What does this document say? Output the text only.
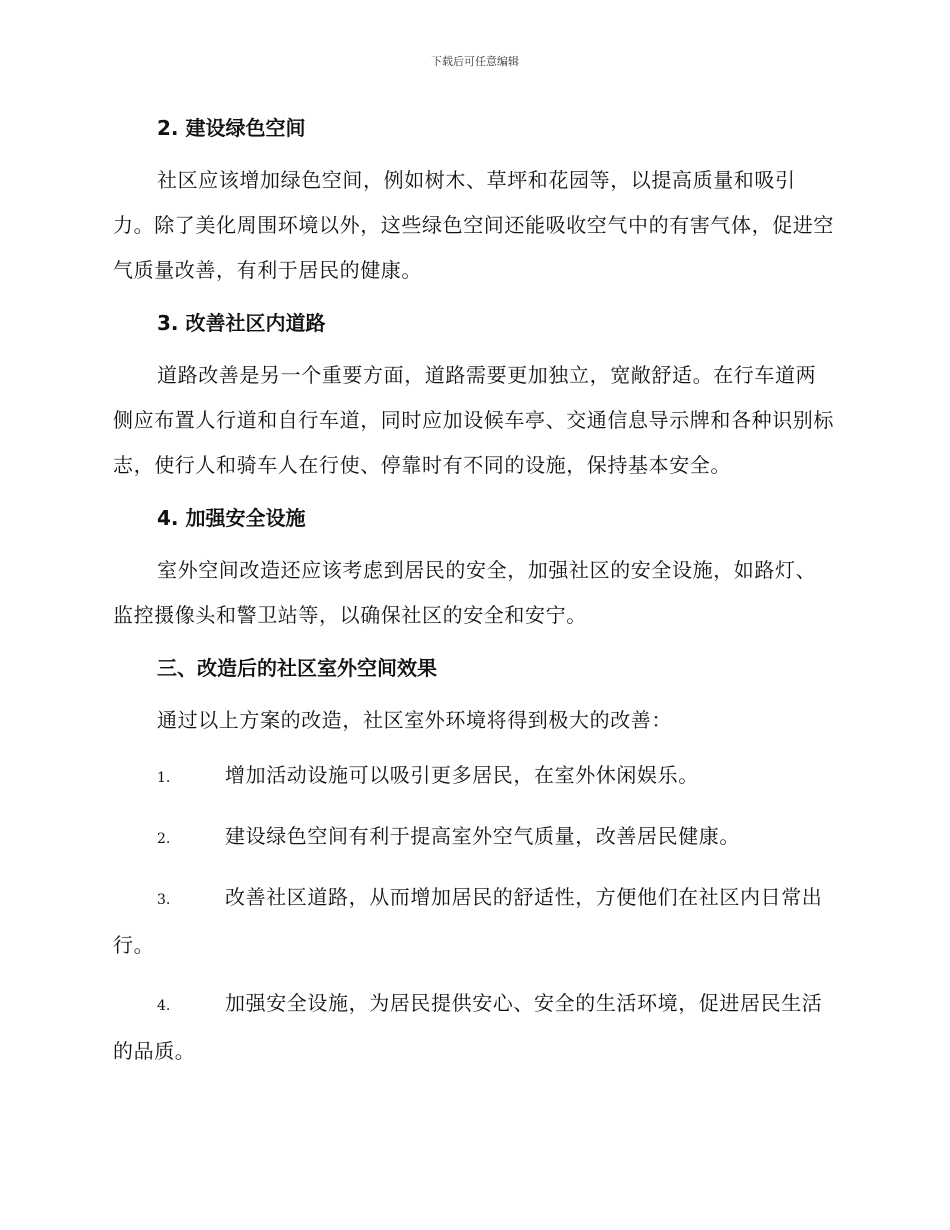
下载后可任意编辑
2. 建设绿色空间

社区应该增加绿色空间，例如树木、草坪和花园等，以提高质量和吸引力。除了美化周围环境以外，这些绿色空间还能吸收空气中的有害气体，促进空气质量改善，有利于居民的健康。

3. 改善社区内道路

道路改善是另一个重要方面，道路需要更加独立，宽敞舒适。在行车道两侧应布置人行道和自行车道，同时应加设候车亭、交通信息导示牌和各种识别标志，使行人和骑车人在行使、停靠时有不同的设施，保持基本安全。

4. 加强安全设施

室外空间改造还应该考虑到居民的安全，加强社区的安全设施，如路灯、监控摄像头和警卫站等，以确保社区的安全和安宁。

三、改造后的社区室外空间效果

通过以上方案的改造，社区室外环境将得到极大的改善：

1.	增加活动设施可以吸引更多居民，在室外休闲娱乐。

2.	建设绿色空间有利于提高室外空气质量，改善居民健康。

3.	改善社区道路，从而增加居民的舒适性，方便他们在社区内日常出行。

4.	加强安全设施，为居民提供安心、安全的生活环境，促进居民生活的品质。
